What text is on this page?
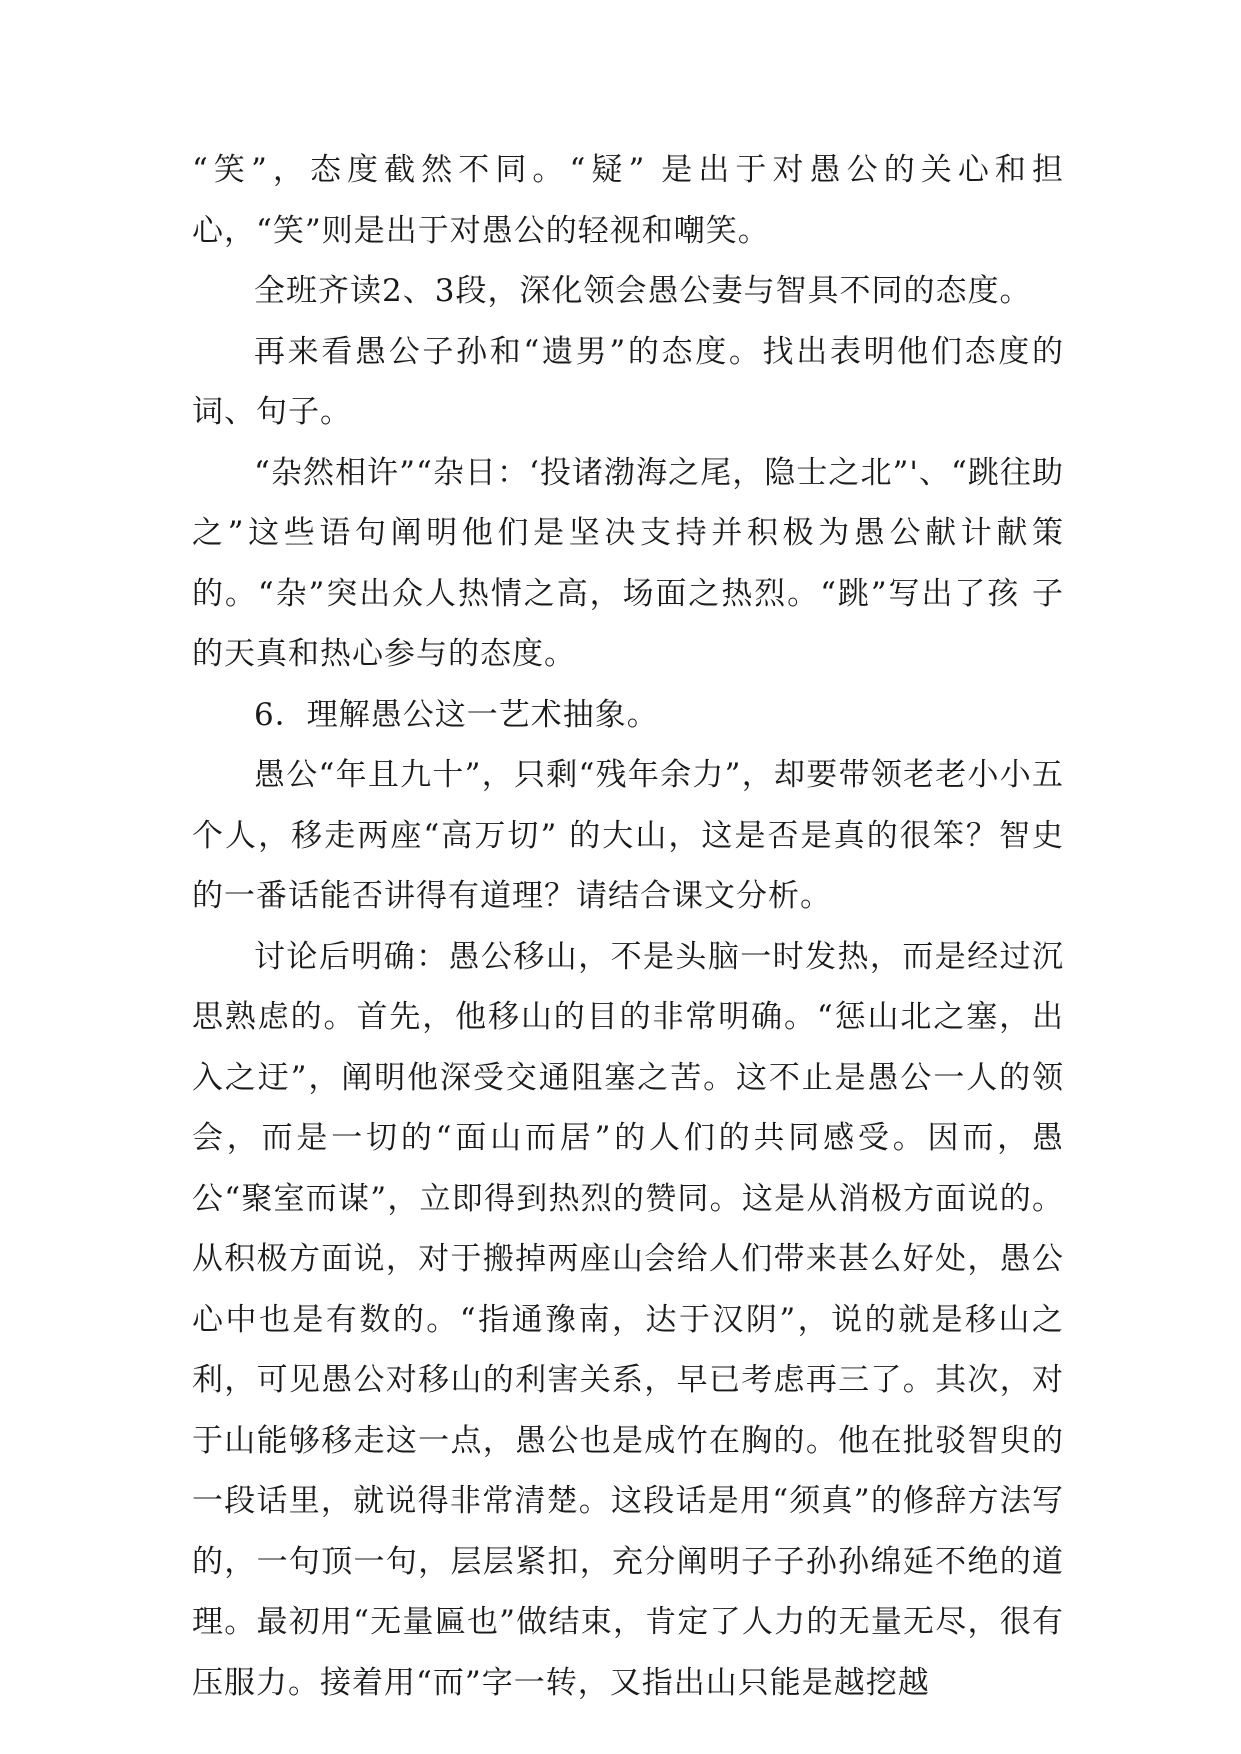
“笑”，态度截然不同。“疑” 是出于对愚公的关心和担心，“笑”则是出于对愚公的轻视和嘲笑。

全班齐读2、3段，深化领会愚公妻与智具不同的态度。

再来看愚公子孙和“遗男”的态度。找出表明他们态度的词、句子。

“杂然相许”“杂日：‘投诸渤海之尾，隐士之北”'、“跳往助之”这些语句阐明他们是坚决支持并积极为愚公献计献策的。“杂”突出众人热情之高，场面之热烈。“跳”写出了孩 子的天真和热心参与的态度。

6．理解愚公这一艺术抽象。

愚公“年且九十”，只剩“残年余力”，却要带领老老小小五个人，移走两座“高万切” 的大山，这是否是真的很笨？智史的一番话能否讲得有道理？请结合课文分析。

讨论后明确：愚公移山，不是头脑一时发热，而是经过沉思熟虑的。首先，他移山的目的非常明确。“惩山北之塞，出入之迂”，阐明他深受交通阻塞之苦。这不止是愚公一人的领会，而是一切的“面山而居”的人们的共同感受。因而，愚公“聚室而谋”，立即得到热烈的赞同。这是从消极方面说的。从积极方面说，对于搬掉两座山会给人们带来甚么好处，愚公心中也是有数的。“指通豫南，达于汉阴”，说的就是移山之利，可见愚公对移山的利害关系，早已考虑再三了。其次，对于山能够移走这一点，愚公也是成竹在胸的。他在批驳智臾的一段话里，就说得非常清楚。这段话是用“须真”的修辞方法写的，一句顶一句，层层紧扣，充分阐明子子孙孙绵延不绝的道理。最初用“无量匾也”做结束，肯定了人力的无量无尽，很有压服力。接着用“而”字一转，又指出山只能是越挖越
